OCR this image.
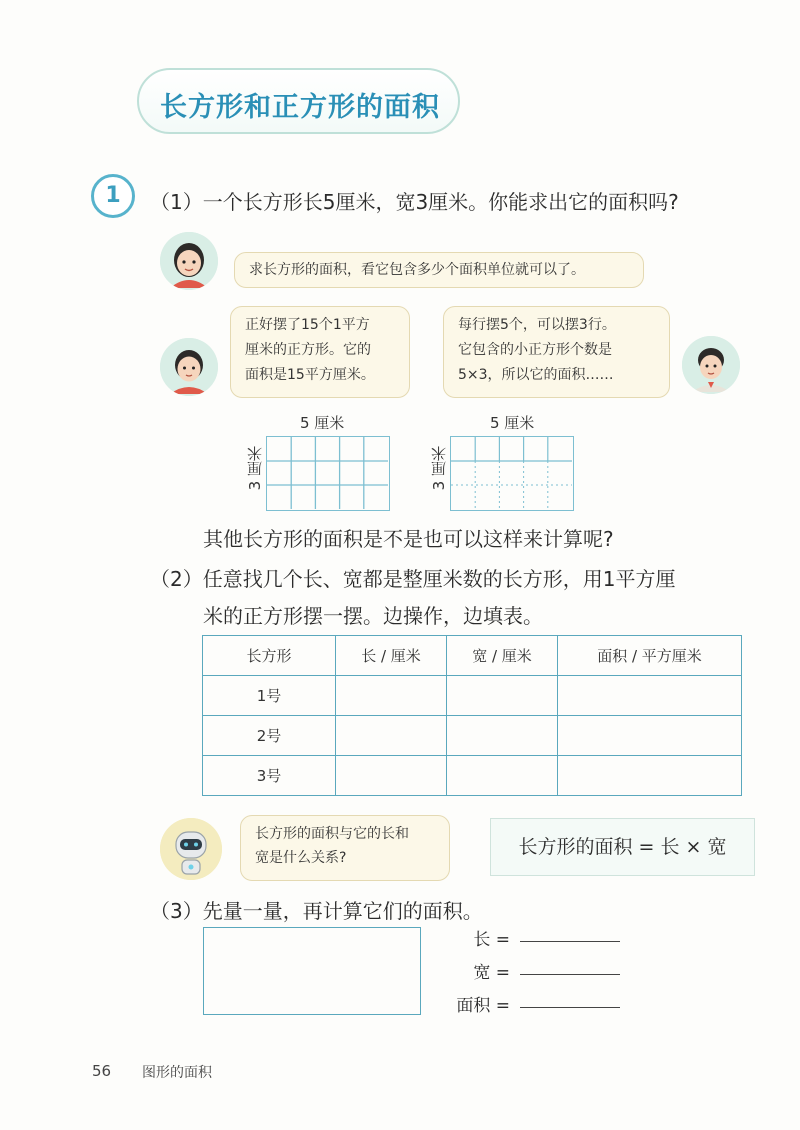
长方形和正方形的面积
1	（1）一个长方形长5厘米，宽3厘米。你能求出它的面积吗?
求长方形的面积，看它包含多少个面积单位就可以了。
正好摆了15个1平方
厘米的正方形。它的
面积是15平方厘米。
每行摆5个，可以摆3行。
它包含的小正方形个数是
5×3，所以它的面积……
5 厘米
3 厘米
5 厘米
3 厘米
其他长方形的面积是不是也可以这样来计算呢?
（2）任意找几个长、宽都是整厘米数的长方形，用1平方厘
米的正方形摆一摆。边操作，边填表。
长方形	长 / 厘米	宽 / 厘米	面积 / 平方厘米
1号			
2号			
3号			
长方形的面积与它的长和
宽是什么关系?	长方形的面积 = 长 × 宽
（3）先量一量，再计算它们的面积。
长 =
宽 =
面积 =
56 图形的面积
